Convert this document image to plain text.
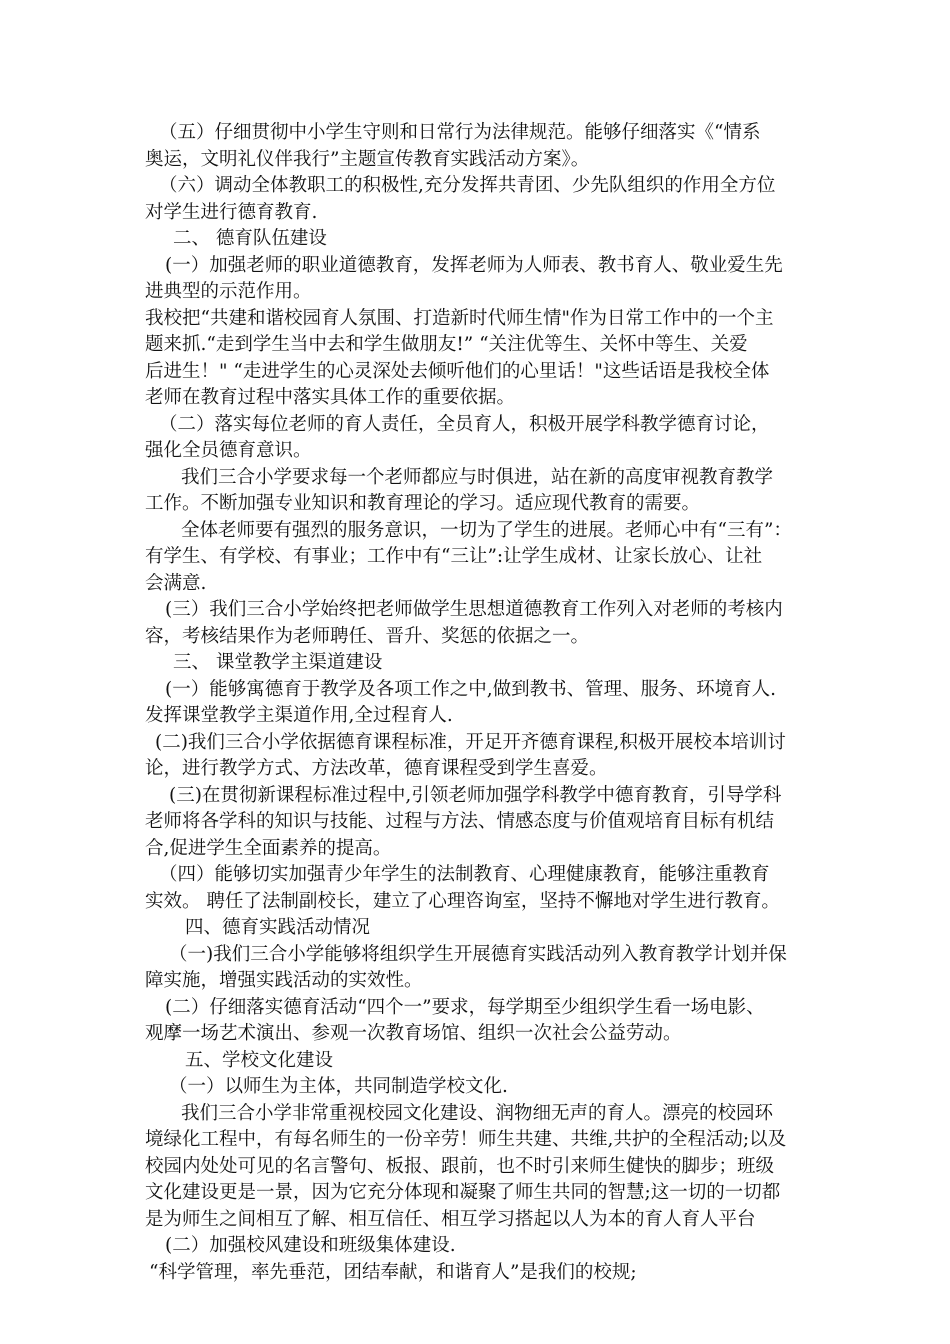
（五）仔细贯彻中小学生守则和日常行为法律规范。能够仔细落实《“情系
奥运，文明礼仪伴我行”主题宣传教育实践活动方案》。
（六）调动全体教职工的积极性,充分发挥共青团、少先队组织的作用全方位
对学生进行德育教育.
二、 德育队伍建设
(一）加强老师的职业道德教育，发挥老师为人师表、教书育人、敬业爱生先
进典型的示范作用。
我校把“共建和谐校园育人氛围、打造新时代师生情"作为日常工作中的一个主
题来抓.“走到学生当中去和学生做朋友!” “关注优等生、关怀中等生、关爱
后进生！" “走进学生的心灵深处去倾听他们的心里话！"这些话语是我校全体
老师在教育过程中落实具体工作的重要依据。
（二）落实每位老师的育人责任，全员育人，积极开展学科教学德育讨论，
强化全员德育意识。
我们三合小学要求每一个老师都应与时俱进，站在新的高度审视教育教学
工作。不断加强专业知识和教育理论的学习。适应现代教育的需要。
全体老师要有强烈的服务意识，一切为了学生的进展。老师心中有“三有”：
有学生、有学校、有事业；工作中有“三让”:让学生成材、让家长放心、让社
会满意.
(三）我们三合小学始终把老师做学生思想道德教育工作列入对老师的考核内
容，考核结果作为老师聘任、晋升、奖惩的依据之一。
三、 课堂教学主渠道建设
(一）能够寓德育于教学及各项工作之中,做到教书、管理、服务、环境育人.
发挥课堂教学主渠道作用,全过程育人.
(二)我们三合小学依据德育课程标准，开足开齐德育课程,积极开展校本培训讨
论，进行教学方式、方法改革，德育课程受到学生喜爱。
(三)在贯彻新课程标准过程中,引领老师加强学科教学中德育教育，引导学科
老师将各学科的知识与技能、过程与方法、情感态度与价值观培育目标有机结
合,促进学生全面素养的提高。
（四）能够切实加强青少年学生的法制教育、心理健康教育，能够注重教育
实效。 聘任了法制副校长，建立了心理咨询室，坚持不懈地对学生进行教育。
四、德育实践活动情况
（一)我们三合小学能够将组织学生开展德育实践活动列入教育教学计划并保
障实施，增强实践活动的实效性。
(二）仔细落实德育活动“四个一”要求，每学期至少组织学生看一场电影、
观摩一场艺术演出、参观一次教育场馆、组织一次社会公益劳动。
五、学校文化建设
（一）以师生为主体，共同制造学校文化.
我们三合小学非常重视校园文化建设、润物细无声的育人。漂亮的校园环
境绿化工程中，有每名师生的一份辛劳！师生共建、共维,共护的全程活动;以及
校园内处处可见的名言警句、板报、跟前，也不时引来师生健快的脚步；班级
文化建设更是一景，因为它充分体现和凝聚了师生共同的智慧;这一切的一切都
是为师生之间相互了解、相互信任、相互学习搭起以人为本的育人育人平台
(二）加强校风建设和班级集体建设.
“科学管理，率先垂范，团结奉献，和谐育人”是我们的校规;
